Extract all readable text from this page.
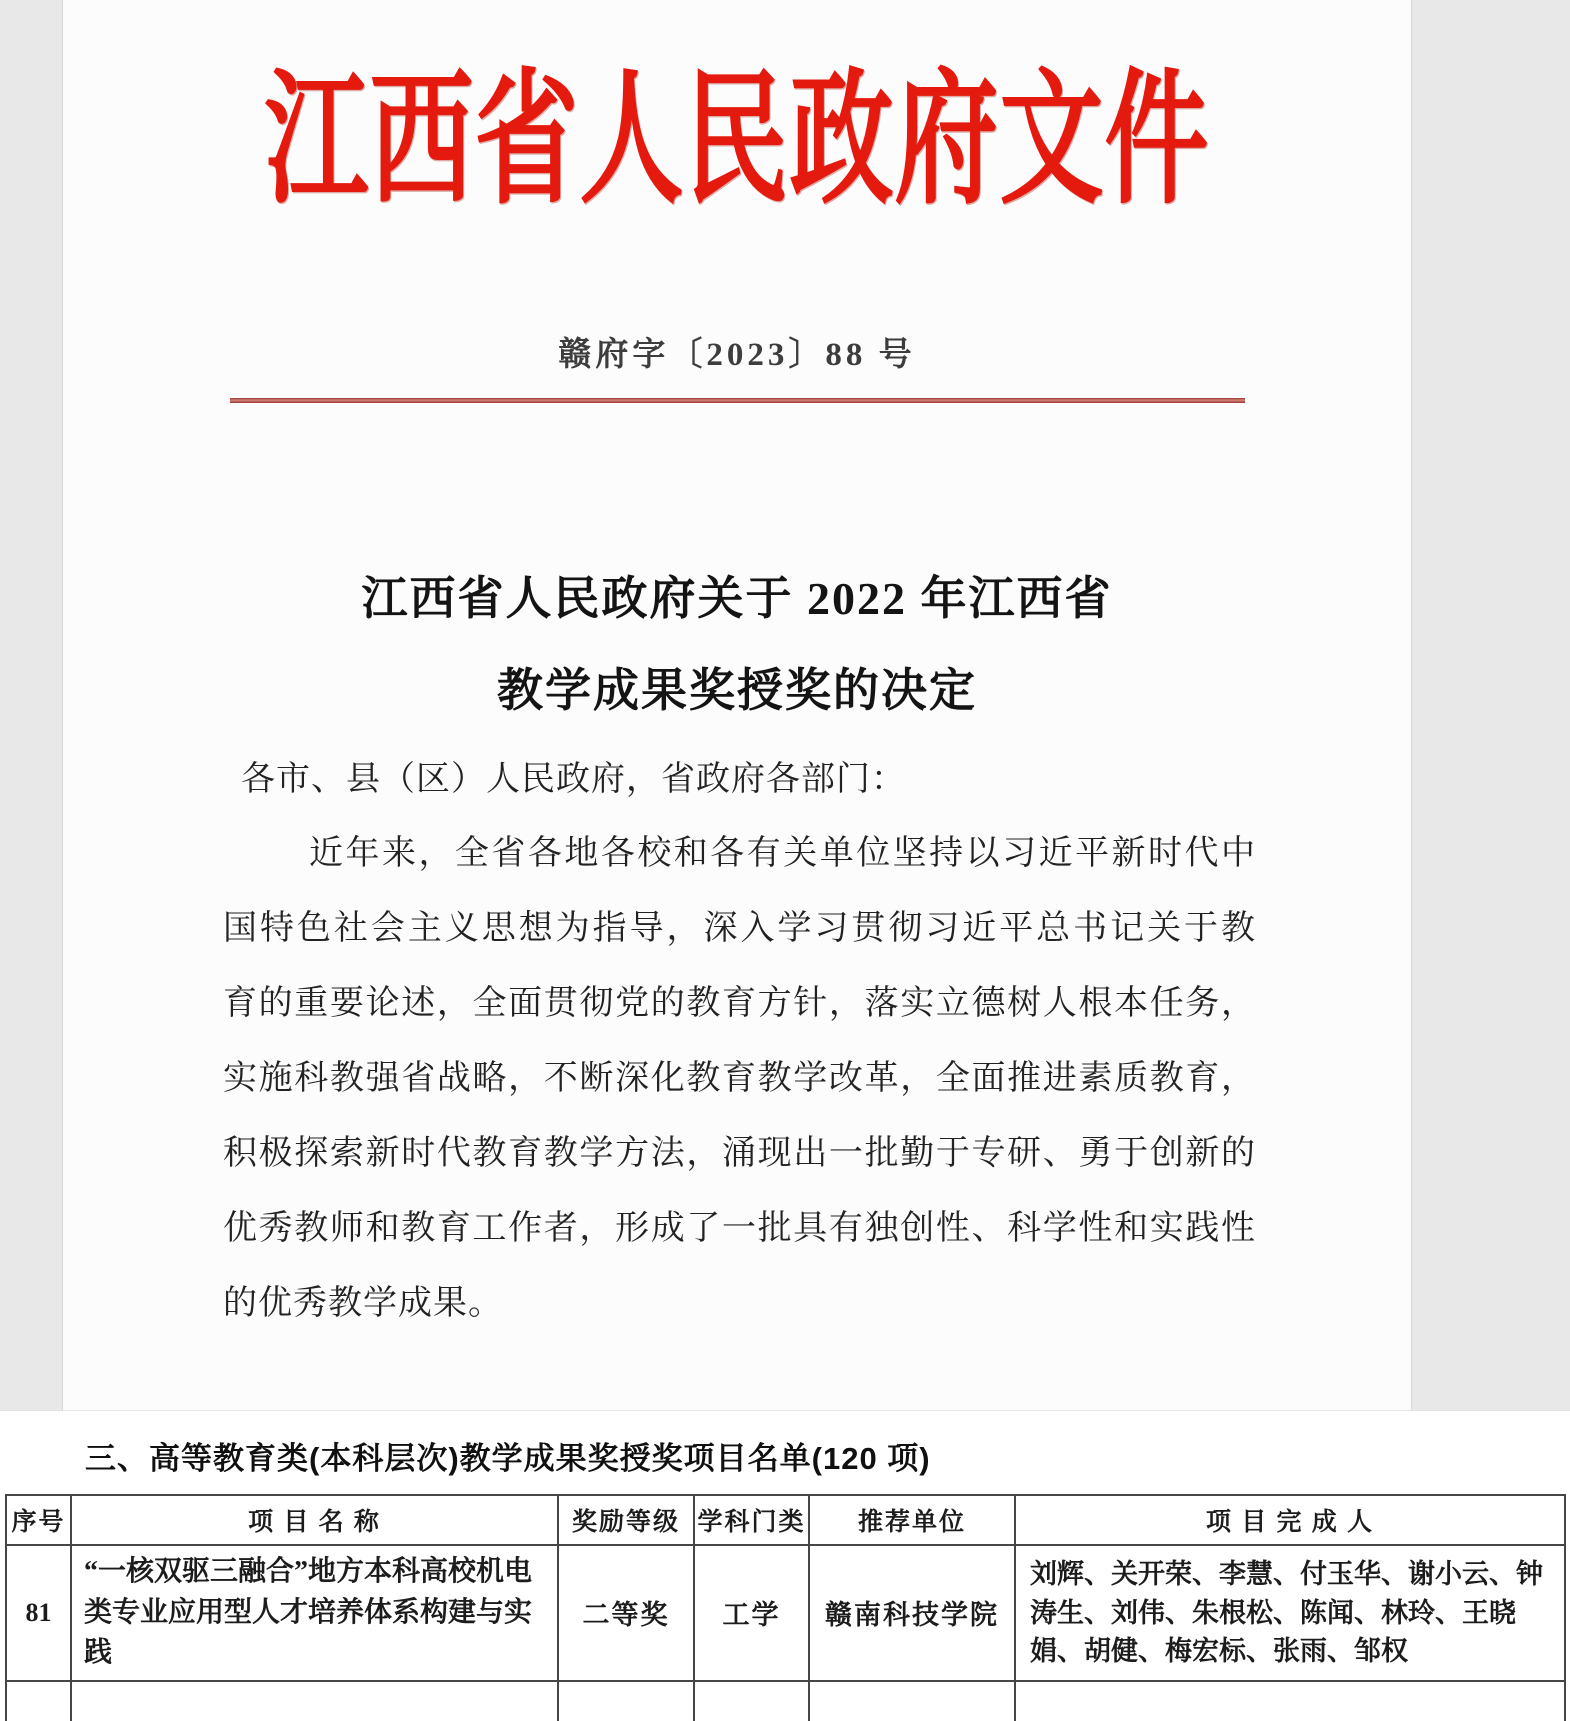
江西省人民政府文件
赣府字〔2023〕88 号
江西省人民政府关于 2022 年江西省
教学成果奖授奖的决定
各市、县（区）人民政府，省政府各部门：
近年来，全省各地各校和各有关单位坚持以习近平新时代中
国特色社会主义思想为指导，深入学习贯彻习近平总书记关于教
育的重要论述，全面贯彻党的教育方针，落实立德树人根本任务，
实施科教强省战略，不断深化教育教学改革，全面推进素质教育，
积极探索新时代教育教学方法，涌现出一批勤于专研、勇于创新的
优秀教师和教育工作者，形成了一批具有独创性、科学性和实践性
的优秀教学成果。
三、高等教育类(本科层次)教学成果奖授奖项目名单(120 项)
序号	项 目 名 称	奖励等级	学科门类	推荐单位	项 目 完 成 人
81	“一核双驱三融合”地方本科高校机电类专业应用型人才培养体系构建与实践	二等奖	工学	赣南科技学院	刘辉、关开荣、李慧、付玉华、谢小云、钟涛生、刘伟、朱根松、陈闻、林玲、王晓娟、胡健、梅宏标、张雨、邹权
